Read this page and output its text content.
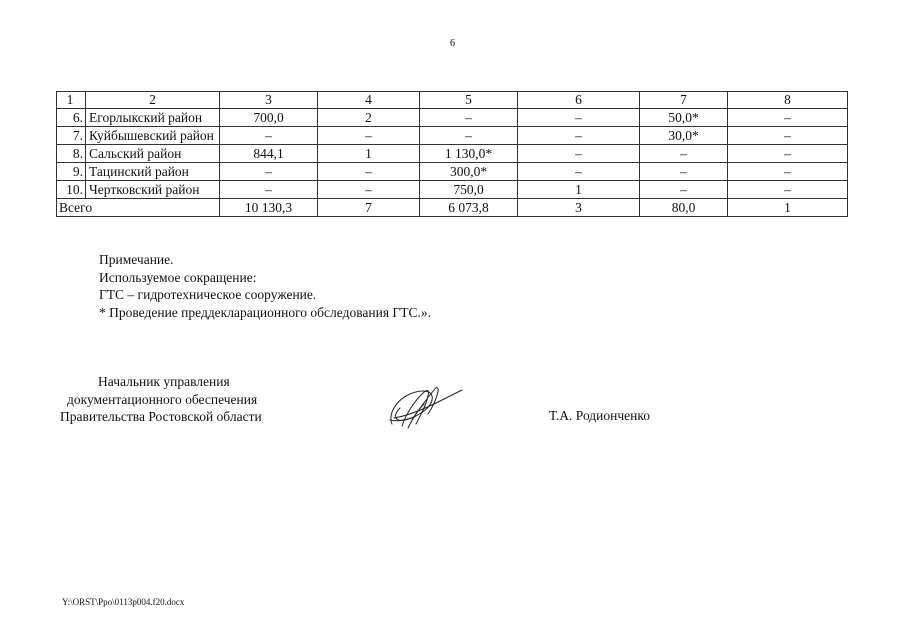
6
1	2	3	4	5	6	7	8
6.	Егорлыкский район	700,0	2	–	–	50,0*	–
7.	Куйбышевский район	–	–	–	–	30,0*	–
8.	Сальский район	844,1	1	1 130,0*	–	–	–
9.	Тацинский район	–	–	300,0*	–	–	–
10.	Чертковский район	–	–	750,0	1	–	–
Всего		10 130,3	7	6 073,8	3	80,0	1
Примечание.
Используемое сокращение:
ГТС – гидротехническое сооружение.
* Проведение преддекларационного обследования ГТС.».
Начальник управления
документационного обеспечения
Правительства Ростовской области	Т.А. Родионченко
Y:\ORST\Ppo\0113p004.f20.docx
